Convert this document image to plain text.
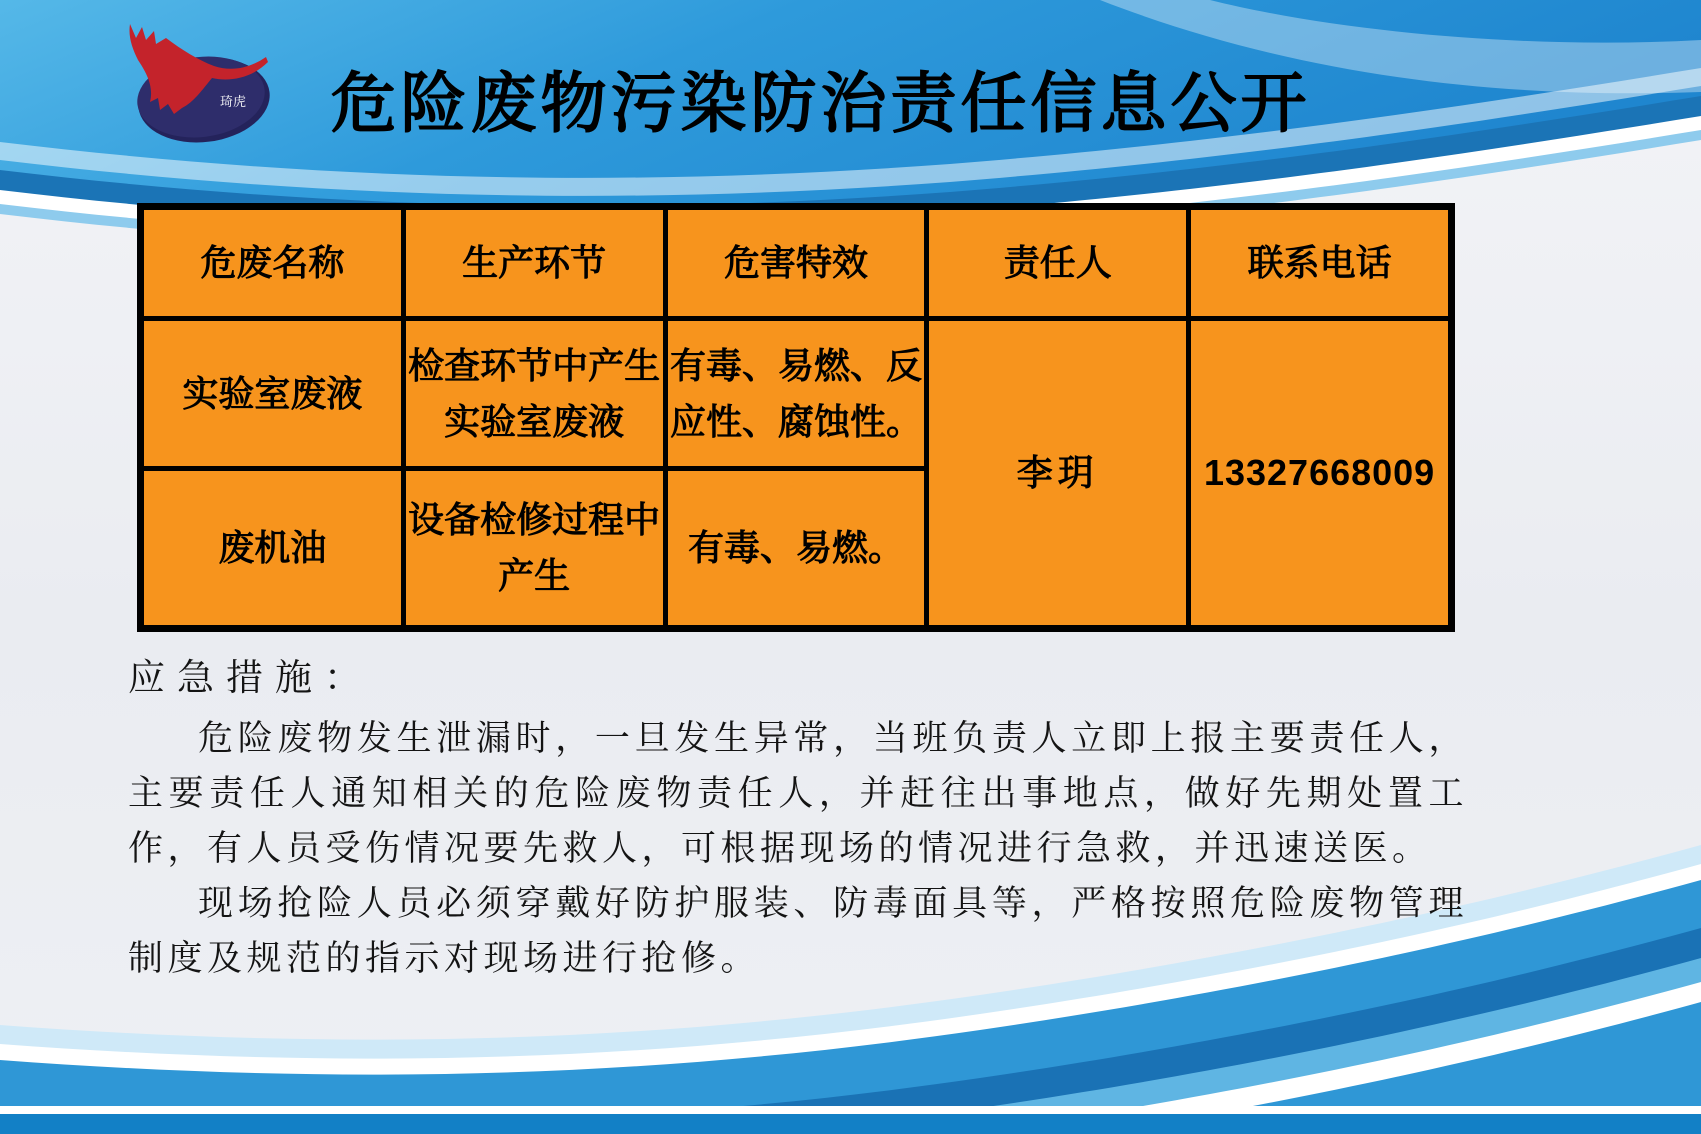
琦虎	危险废物污染防治责任信息公开
危废名称	生产环节	危害特效	责任人	联系电话
实验室废液	检查环节中产生实验室废液	有毒、易燃、反应性、腐蚀性。	李玥	13327668009
废机油	设备检修过程中产生	有毒、易燃。		
应急措施：

危险废物发生泄漏时，一旦发生异常，当班负责人立即上报主要责任人，主要责任人通知相关的危险废物责任人，并赶往出事地点，做好先期处置工作，有人员受伤情况要先救人，可根据现场的情况进行急救，并迅速送医。

现场抢险人员必须穿戴好防护服装、防毒面具等，严格按照危险废物管理制度及规范的指示对现场进行抢修。
